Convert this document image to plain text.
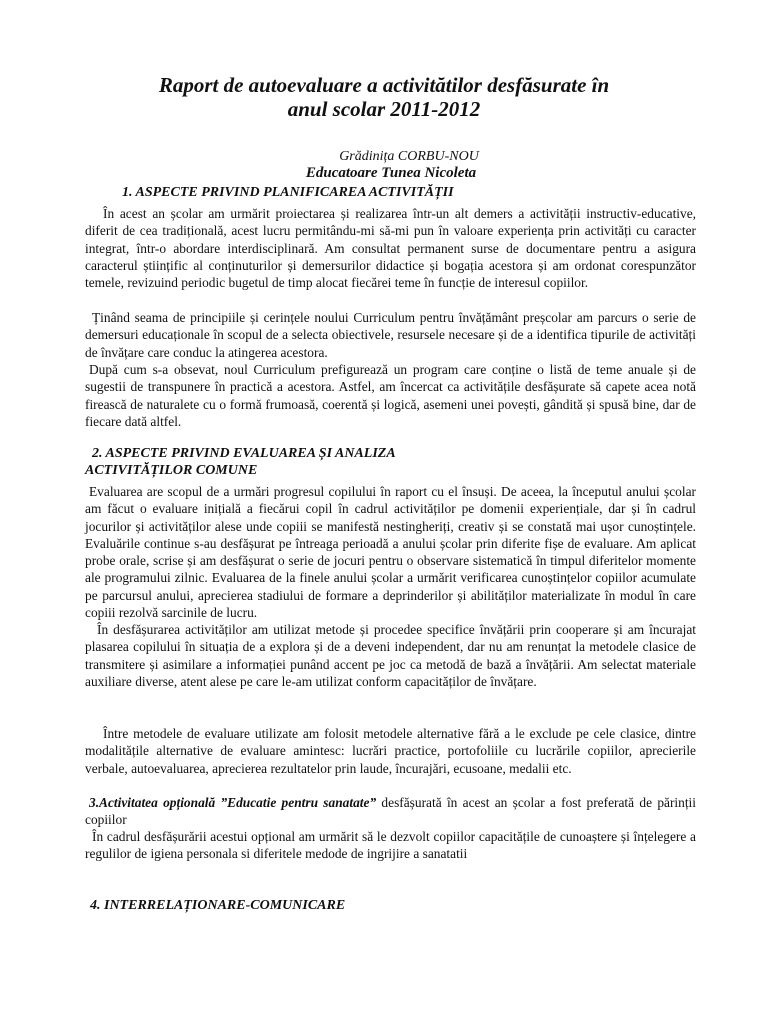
Raport de autoevaluare a activitătilor desfăsurate în
anul scolar 2011-2012

Grădinița CORBU-NOU

Educatoare Tunea Nicoleta

1. ASPECTE PRIVIND PLANIFICAREA ACTIVITĂȚII

În acest an școlar am urmărit proiectarea și realizarea într-un alt demers a activității instructiv-educative, diferit de cea tradițională, acest lucru permitându-mi să-mi pun în valoare experiența prin activități cu caracter integrat, într-o abordare interdisciplinară. Am consultat permanent surse de documentare pentru a asigura caracterul științific al conținuturilor și demersurilor didactice și bogația acestora și am ordonat corespunzător temele, revizuind periodic bugetul de timp alocat fiecărei teme în funcție de interesul copiilor.

Ținând seama de principiile și cerințele noului Curriculum pentru învățământ preșcolar am parcurs o serie de demersuri educaționale în scopul de a selecta obiectivele, resursele necesare și de a identifica tipurile de activități de învățare care conduc la atingerea acestora.

După cum s-a obsevat, noul Curriculum prefigurează un program care conține o listă de teme anuale și de sugestii de transpunere în practică a acestora. Astfel, am încercat ca activitățile desfășurate să capete acea notă firească de naturalete cu o formă frumoasă, coerentă și logică, asemeni unei povești, gândită și spusă bine, dar de fiecare dată altfel.

2. ASPECTE PRIVIND EVALUAREA ȘI ANALIZA
ACTIVITĂȚILOR COMUNE

Evaluarea are scopul de a urmări progresul copilului în raport cu el însuși. De aceea, la începutul anului școlar am făcut o evaluare inițială a fiecărui copil în cadrul activităților pe domenii experiențiale, dar și în cadrul jocurilor și activităților alese unde copiii se manifestă nestingheriți, creativ și se constată mai ușor cunoștințele. Evaluările continue s-au desfășurat pe întreaga perioadă a anului școlar prin diferite fișe de evaluare. Am aplicat probe orale, scrise și am desfășurat o serie de jocuri pentru o observare sistematică în timpul diferitelor momente ale programului zilnic. Evaluarea de la finele anului școlar a urmărit verificarea cunoștințelor copiilor acumulate pe parcursul anului, aprecierea stadiului de formare a deprinderilor și abilităților materializate în modul în care copiii rezolvă sarcinile de lucru.

În desfășurarea activităților am utilizat metode și procedee specifice învățării prin cooperare și am încurajat plasarea copilului în situația de a explora și de a deveni independent, dar nu am renunțat la metodele clasice de transmitere și asimilare a informației punând accent pe joc ca metodă de bază a învățării. Am selectat materiale auxiliare diverse, atent alese pe care le-am utilizat conform capacităților de învățare.

Între metodele de evaluare utilizate am folosit metodele alternative fără a le exclude pe cele clasice, dintre modalitățile alternative de evaluare amintesc: lucrări practice, portofoliile cu lucrările copiilor, aprecierile verbale, autoevaluarea, aprecierea rezultatelor prin laude, încurajări, ecusoane, medalii etc.

3.Activitatea opțională ”Educatie pentru sanatate” desfășurată în acest an școlar a fost preferată de părinții copiilor

În cadrul desfășurării acestui opțional am urmărit să le dezvolt copiilor capacitățile de cunoaștere și înțelegere a regulilor de igiena personala si diferitele medode de ingrijire a sanatatii

4. INTERRELAȚIONARE-COMUNICARE
